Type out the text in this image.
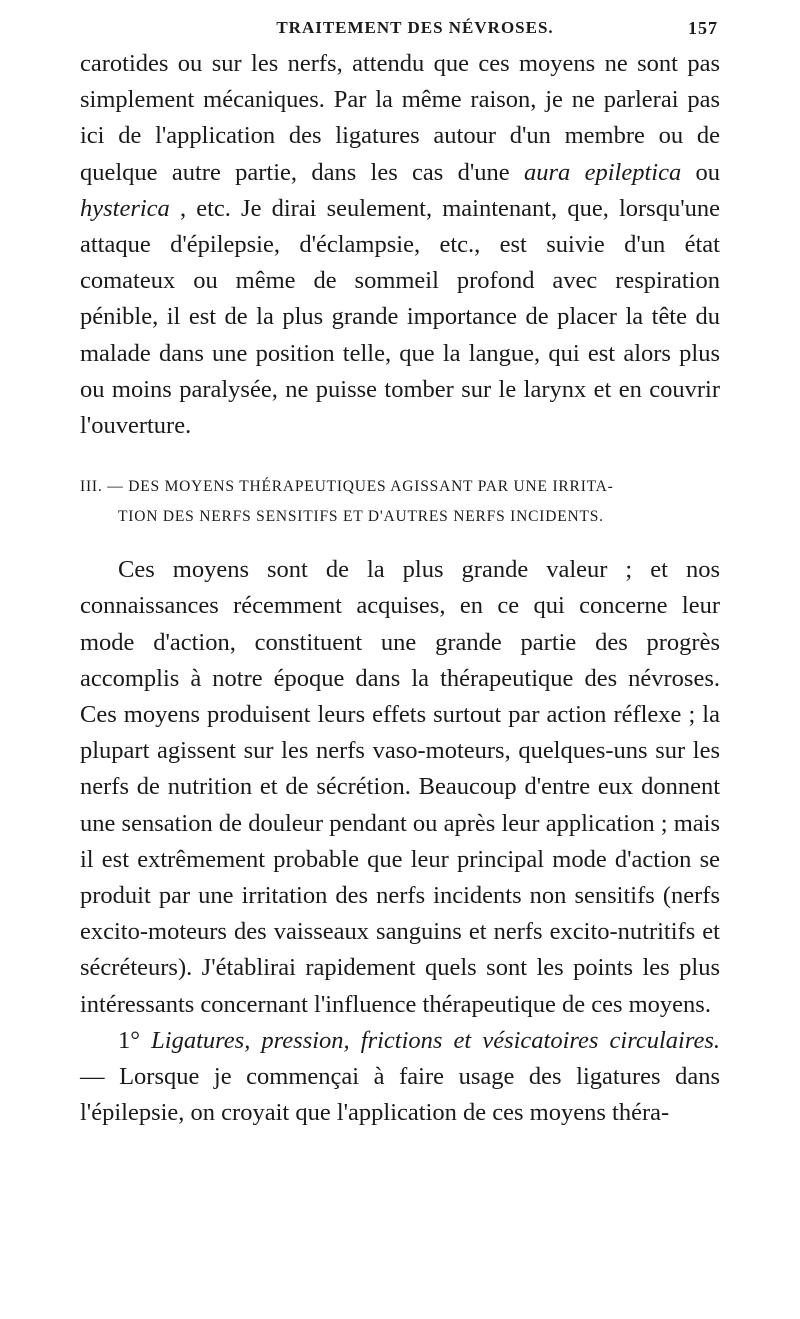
TRAITEMENT DES NÉVROSES.	157

carotides ou sur les nerfs, attendu que ces moyens ne sont pas simplement mécaniques. Par la même raison, je ne parlerai pas ici de l'application des ligatures autour d'un membre ou de quelque autre partie, dans les cas d'une aura epileptica ou hysterica , etc. Je dirai seulement, maintenant, que, lorsqu'une attaque d'épilepsie, d'éclampsie, etc., est suivie d'un état comateux ou même de sommeil profond avec respiration pénible, il est de la plus grande importance de placer la tête du malade dans une position telle, que la langue, qui est alors plus ou moins paralysée, ne puisse tomber sur le larynx et en couvrir l'ouverture.

III. — DES MOYENS THÉRAPEUTIQUES AGISSANT PAR UNE IRRITA-
TION DES NERFS SENSITIFS ET D'AUTRES NERFS INCIDENTS.

Ces moyens sont de la plus grande valeur ; et nos connaissances récemment acquises, en ce qui concerne leur mode d'action, constituent une grande partie des progrès accomplis à notre époque dans la thérapeutique des névroses. Ces moyens produisent leurs effets surtout par action réflexe ; la plupart agissent sur les nerfs vaso-moteurs, quelques-uns sur les nerfs de nutrition et de sécrétion. Beaucoup d'entre eux donnent une sensation de douleur pendant ou après leur application ; mais il est extrêmement probable que leur principal mode d'action se produit par une irritation des nerfs incidents non sensitifs (nerfs excito-moteurs des vaisseaux sanguins et nerfs excito-nutritifs et sécréteurs). J'établirai rapidement quels sont les points les plus intéressants concernant l'influence thérapeutique de ces moyens.

1° Ligatures, pression, frictions et vésicatoires circulaires. — Lorsque je commençai à faire usage des ligatures dans l'épilepsie, on croyait que l'application de ces moyens théra-
